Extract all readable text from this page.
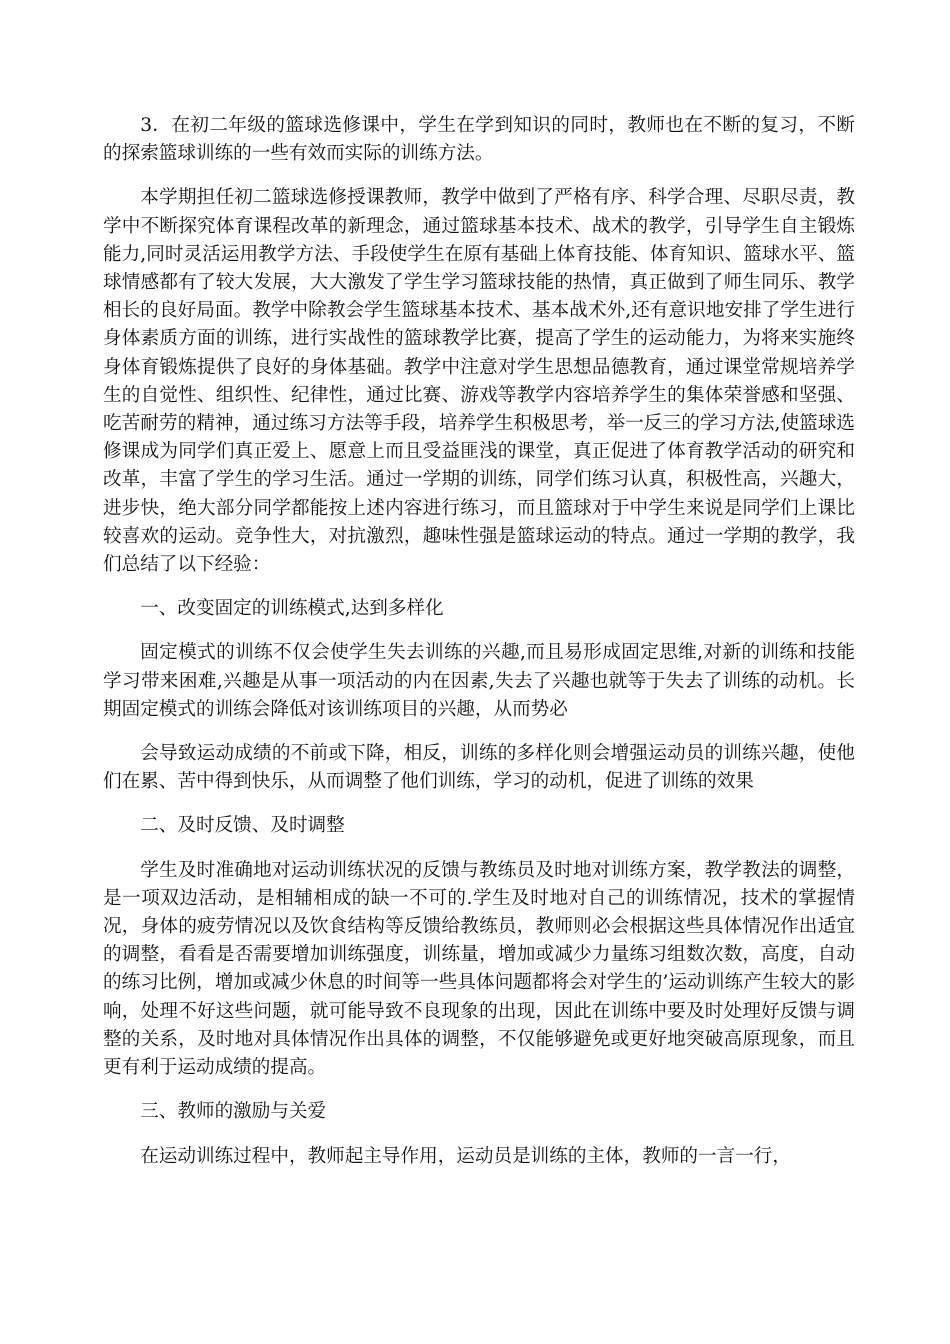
3．在初二年级的篮球选修课中，学生在学到知识的同时，教师也在不断的复习，不断的探索篮球训练的一些有效而实际的训练方法。

本学期担任初二篮球选修授课教师，教学中做到了严格有序、科学合理、尽职尽责，教学中不断探究体育课程改革的新理念，通过篮球基本技术、战术的教学，引导学生自主锻炼能力,同时灵活运用教学方法、手段使学生在原有基础上体育技能、体育知识、篮球水平、篮球情感都有了较大发展，大大激发了学生学习篮球技能的热情，真正做到了师生同乐、教学相长的良好局面。教学中除教会学生篮球基本技术、基本战术外,还有意识地安排了学生进行身体素质方面的训练，进行实战性的篮球教学比赛，提高了学生的运动能力，为将来实施终身体育锻炼提供了良好的身体基础。教学中注意对学生思想品德教育，通过课堂常规培养学生的自觉性、组织性、纪律性，通过比赛、游戏等教学内容培养学生的集体荣誉感和坚强、吃苦耐劳的精神，通过练习方法等手段，培养学生积极思考，举一反三的学习方法,使篮球选修课成为同学们真正爱上、愿意上而且受益匪浅的课堂，真正促进了体育教学活动的研究和改革，丰富了学生的学习生活。通过一学期的训练，同学们练习认真，积极性高，兴趣大，进步快，绝大部分同学都能按上述内容进行练习，而且篮球对于中学生来说是同学们上课比较喜欢的运动。竞争性大，对抗激烈，趣味性强是篮球运动的特点。通过一学期的教学，我们总结了以下经验：

一、改变固定的训练模式,达到多样化

固定模式的训练不仅会使学生失去训练的兴趣,而且易形成固定思维,对新的训练和技能学习带来困难,兴趣是从事一项活动的内在因素,失去了兴趣也就等于失去了训练的动机。长期固定模式的训练会降低对该训练项目的兴趣，从而势必

会导致运动成绩的不前或下降，相反，训练的多样化则会增强运动员的训练兴趣，使他们在累、苦中得到快乐，从而调整了他们训练，学习的动机，促进了训练的效果

二、及时反馈、及时调整

学生及时准确地对运动训练状况的反馈与教练员及时地对训练方案，教学教法的调整，是一项双边活动，是相辅相成的缺一不可的.学生及时地对自己的训练情况，技术的掌握情况，身体的疲劳情况以及饮食结构等反馈给教练员，教师则必会根据这些具体情况作出适宜的调整，看看是否需要增加训练强度，训练量，增加或减少力量练习组数次数，高度，自动的练习比例，增加或减少休息的时间等一些具体问题都将会对学生的’运动训练产生较大的影响，处理不好这些问题，就可能导致不良现象的出现，因此在训练中要及时处理好反馈与调整的关系，及时地对具体情况作出具体的调整，不仅能够避免或更好地突破高原现象，而且更有利于运动成绩的提高。

三、教师的激励与关爱

在运动训练过程中，教师起主导作用，运动员是训练的主体，教师的一言一行，
